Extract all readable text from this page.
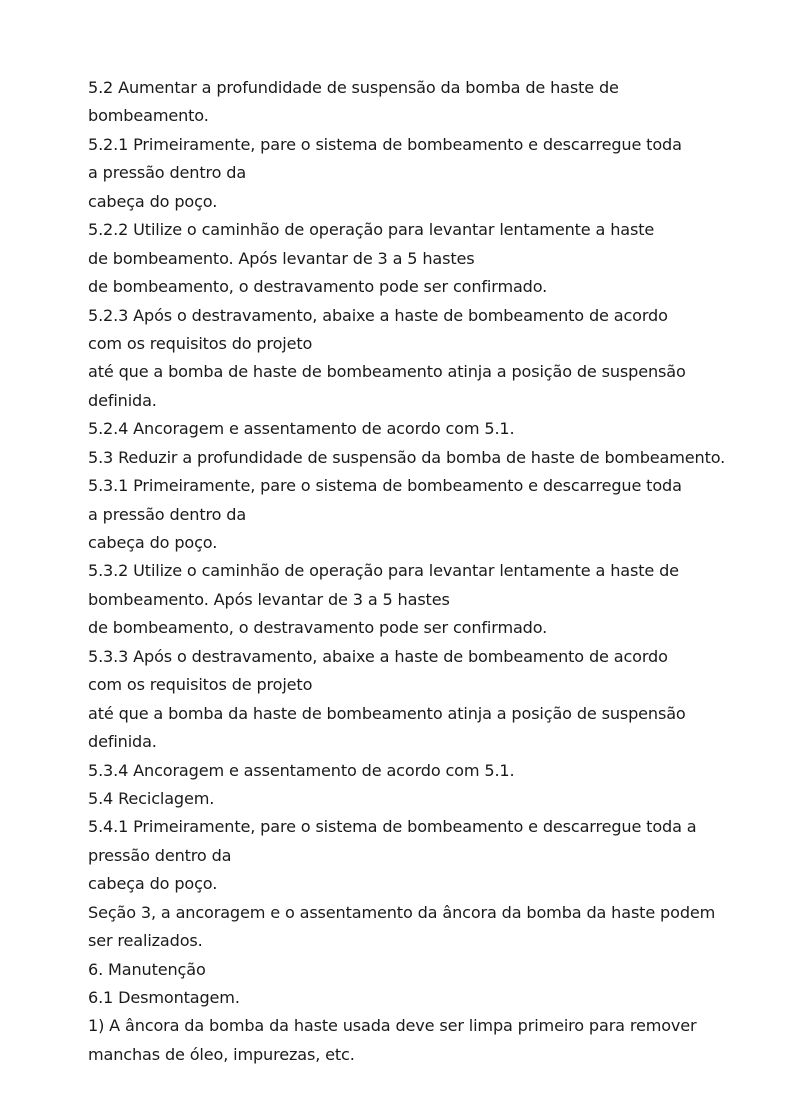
5.2 Aumentar a profundidade de suspensão da bomba de haste de
bombeamento.
5.2.1 Primeiramente, pare o sistema de bombeamento e descarregue toda
a pressão dentro da
cabeça do poço.
5.2.2 Utilize o caminhão de operação para levantar lentamente a haste
de bombeamento. Após levantar de 3 a 5 hastes
de bombeamento, o destravamento pode ser confirmado.
5.2.3 Após o destravamento, abaixe a haste de bombeamento de acordo
com os requisitos do projeto
até que a bomba de haste de bombeamento atinja a posição de suspensão
definida.
5.2.4 Ancoragem e assentamento de acordo com 5.1.
5.3 Reduzir a profundidade de suspensão da bomba de haste de bombeamento.
5.3.1 Primeiramente, pare o sistema de bombeamento e descarregue toda
a pressão dentro da
cabeça do poço.
5.3.2 Utilize o caminhão de operação para levantar lentamente a haste de
bombeamento. Após levantar de 3 a 5 hastes
de bombeamento, o destravamento pode ser confirmado.
5.3.3 Após o destravamento, abaixe a haste de bombeamento de acordo
com os requisitos de projeto
até que a bomba da haste de bombeamento atinja a posição de suspensão
definida.
5.3.4 Ancoragem e assentamento de acordo com 5.1.
5.4 Reciclagem.
5.4.1 Primeiramente, pare o sistema de bombeamento e descarregue toda a
pressão dentro da
cabeça do poço.
Seção 3, a ancoragem e o assentamento da âncora da bomba da haste podem
ser realizados.
6. Manutenção
6.1 Desmontagem.
1) A âncora da bomba da haste usada deve ser limpa primeiro para remover
manchas de óleo, impurezas, etc.
